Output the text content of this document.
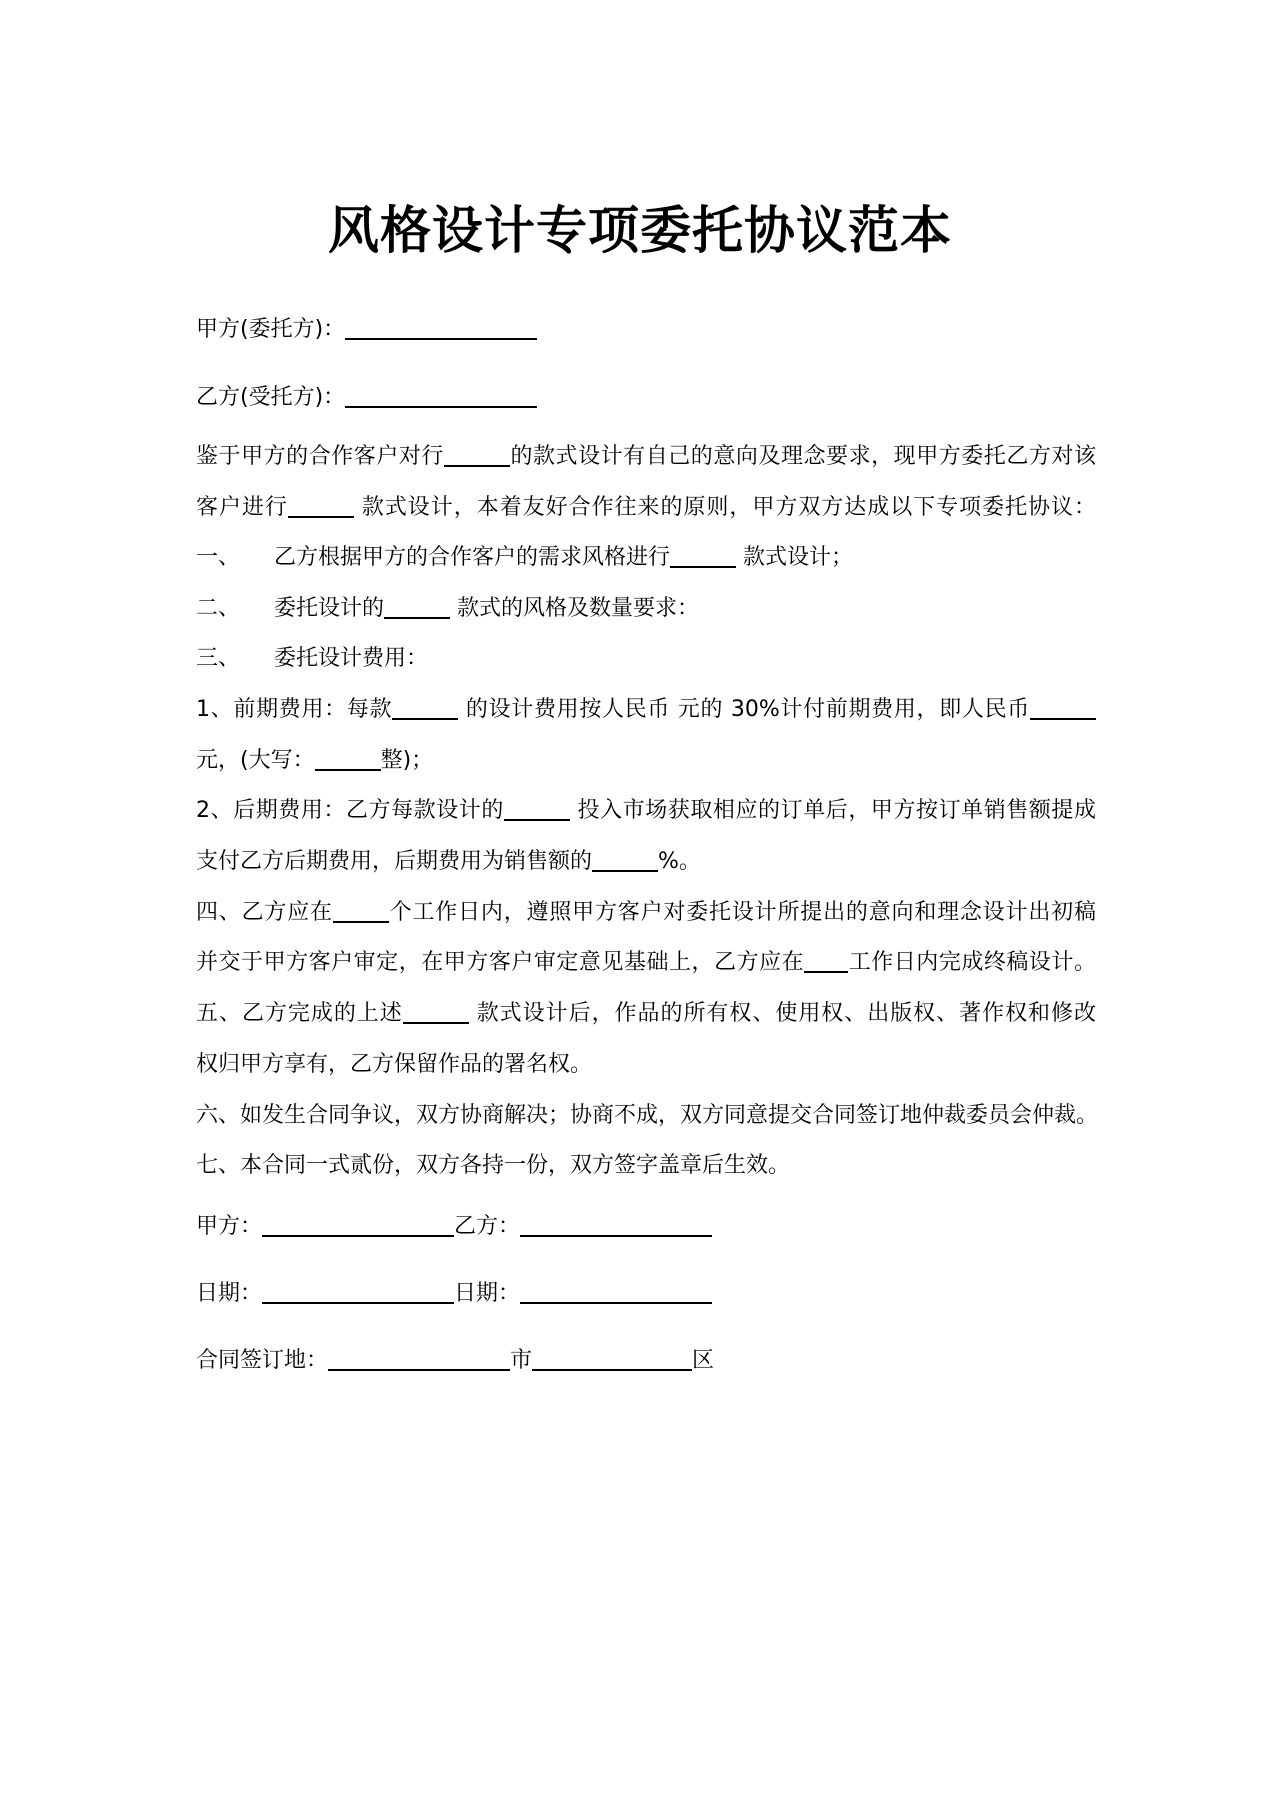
风格设计专项委托协议范本
甲方(委托方)：
乙方(受托方)：
鉴于甲方的合作客户对行	的款式设计有自己的意向及理念要求，现甲方委托乙方对该
客户进行	款式设计，本着友好合作往来的原则，甲方双方达成以下专项委托协议：
一、 乙方根据甲方的合作客户的需求风格进行	款式设计；
二、 委托设计的	款式的风格及数量要求：
三、 委托设计费用：
1、前期费用：每款	的设计费用按人民币 元的 30%计付前期费用，即人民币
元，(大写：	整)；
2、后期费用：乙方每款设计的	投入市场获取相应的订单后，甲方按订单销售额提成
支付乙方后期费用，后期费用为销售额的	%。
四、乙方应在	个工作日内，遵照甲方客户对委托设计所提出的意向和理念设计出初稿
并交于甲方客户审定，在甲方客户审定意见基础上，乙方应在 工作日内完成终稿设计。
五、乙方完成的上述	款式设计后，作品的所有权、使用权、出版权、著作权和修改
权归甲方享有，乙方保留作品的署名权。
六、如发生合同争议，双方协商解决；协商不成，双方同意提交合同签订地仲裁委员会仲裁。
七、本合同一式贰份，双方各持一份，双方签字盖章后生效。
甲方：	乙方：
日期：	日期：
合同签订地：	市	区
